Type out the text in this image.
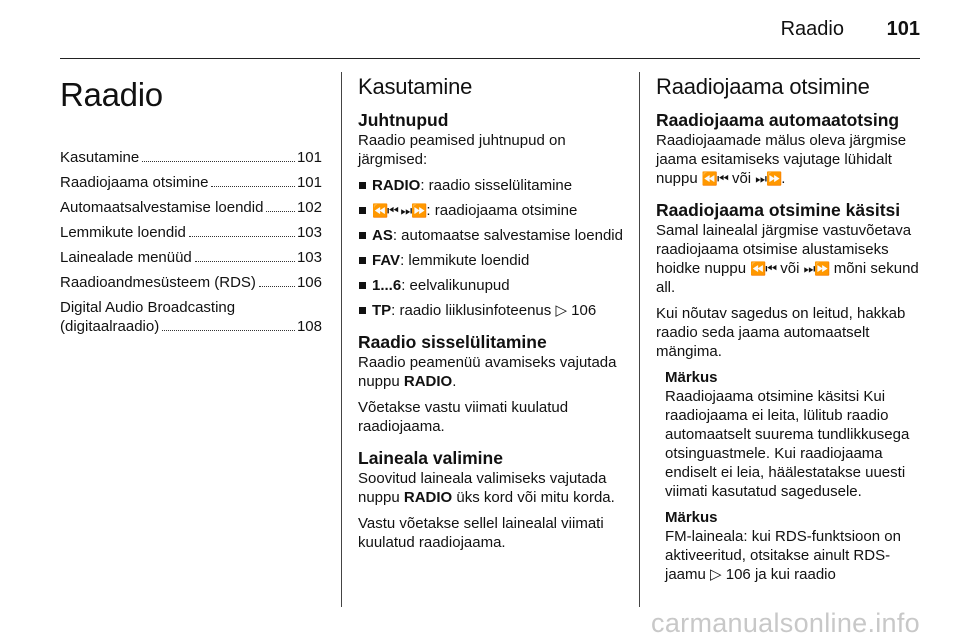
Raadio 101
Raadio
Kasutamine	101
Raadiojaama otsimine	101
Automaatsalvestamise loendid 102
Lemmikute loendid	103
Lainealade menüüd	103
Raadioandmesüsteem (RDS)	106
Digital Audio Broadcasting
(digitaalraadio)	108
Kasutamine
Juhtnupud

Raadio peamised juhtnupud on järgmised:

RADIO: raadio sisselülitamine
⏪⏮ ⏭⏩: raadiojaama otsimine
AS: automaatse salvestamise loendid
FAV: lemmikute loendid
1...6: eelvalikunupud
TP: raadio liiklusinfoteenus ▷ 106
Raadio sisselülitamine

Raadio peamenüü avamiseks vajutada nuppu RADIO.

Võetakse vastu viimati kuulatud raadiojaama.

Laineala valimine

Soovitud laineala valimiseks vajutada nuppu RADIO üks kord või mitu korda.

Vastu võetakse sellel lainealal viimati kuulatud raadiojaama.

Raadiojaama otsimine
Raadiojaama automaatotsing

Raadiojaamade mälus oleva järgmise jaama esitamiseks vajutage lühidalt nuppu ⏪⏮ või ⏭⏩.

Raadiojaama otsimine käsitsi

Samal lainealal järgmise vastuvõetava raadiojaama otsimise alustamiseks hoidke nuppu ⏪⏮ või ⏭⏩ mõni sekund all.

Kui nõutav sagedus on leitud, hakkab raadio seda jaama automaatselt mängima.

Märkus

Raadiojaama otsimine käsitsi Kui raadiojaama ei leita, lülitub raadio automaatselt suurema tundlikkusega otsinguastmele. Kui raadiojaama endiselt ei leia, häälestatakse uuesti viimati kasutatud sagedusele.

Märkus

FM-laineala: kui RDS-funktsioon on aktiveeritud, otsitakse ainult RDS-jaamu ▷ 106 ja kui raadio

carmanualsonline.info
